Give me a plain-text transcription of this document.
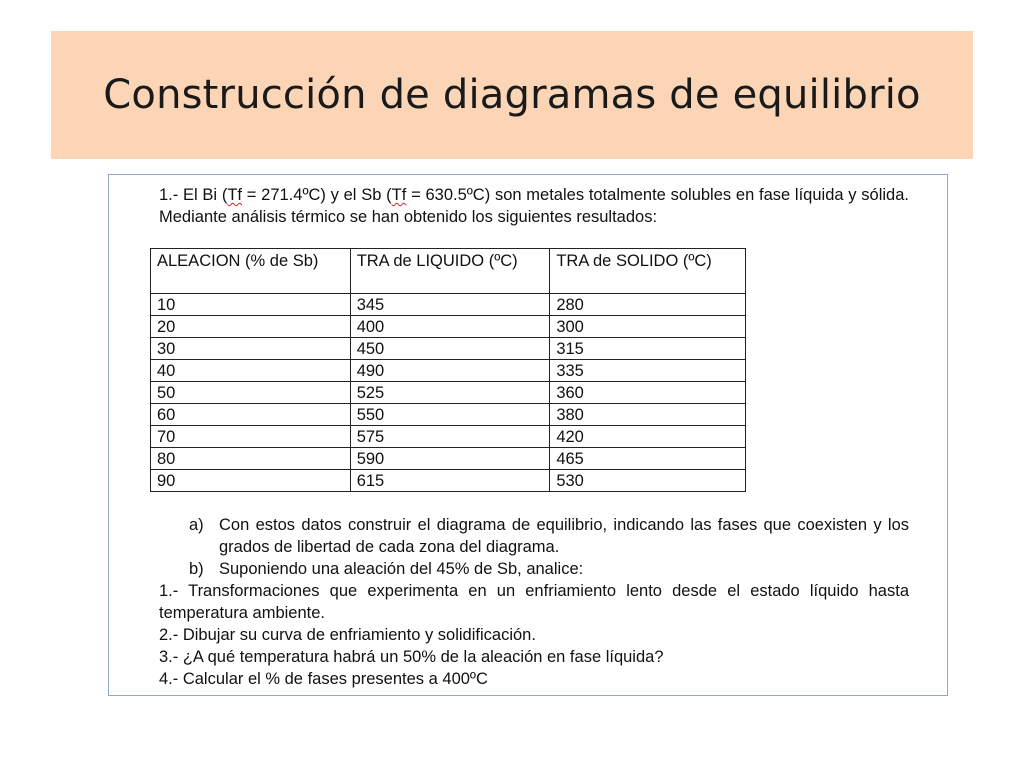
Construcción de diagramas de equilibrio
1.- El Bi (Tf = 271.4ºC) y el Sb (Tf = 630.5ºC) son metales totalmente solubles en fase líquida y sólida. Mediante análisis térmico se han obtenido los siguientes resultados:
ALEACION (% de Sb)	TRA de LIQUIDO (ºC)	TRA de SOLIDO (ºC)
10	345	280
20	400	300
30	450	315
40	490	335
50	525	360
60	550	380
70	575	420
80	590	465
90	615	530
a) Con estos datos construir el diagrama de equilibrio, indicando las fases que coexisten y los grados de libertad de cada zona del diagrama.
b) Suponiendo una aleación del 45% de Sb, analice:
1.- Transformaciones que experimenta en un enfriamiento lento desde el estado líquido hasta temperatura ambiente.
2.- Dibujar su curva de enfriamiento y solidificación.
3.- ¿A qué temperatura habrá un 50% de la aleación en fase líquida?
4.- Calcular el % de fases presentes a 400ºC
